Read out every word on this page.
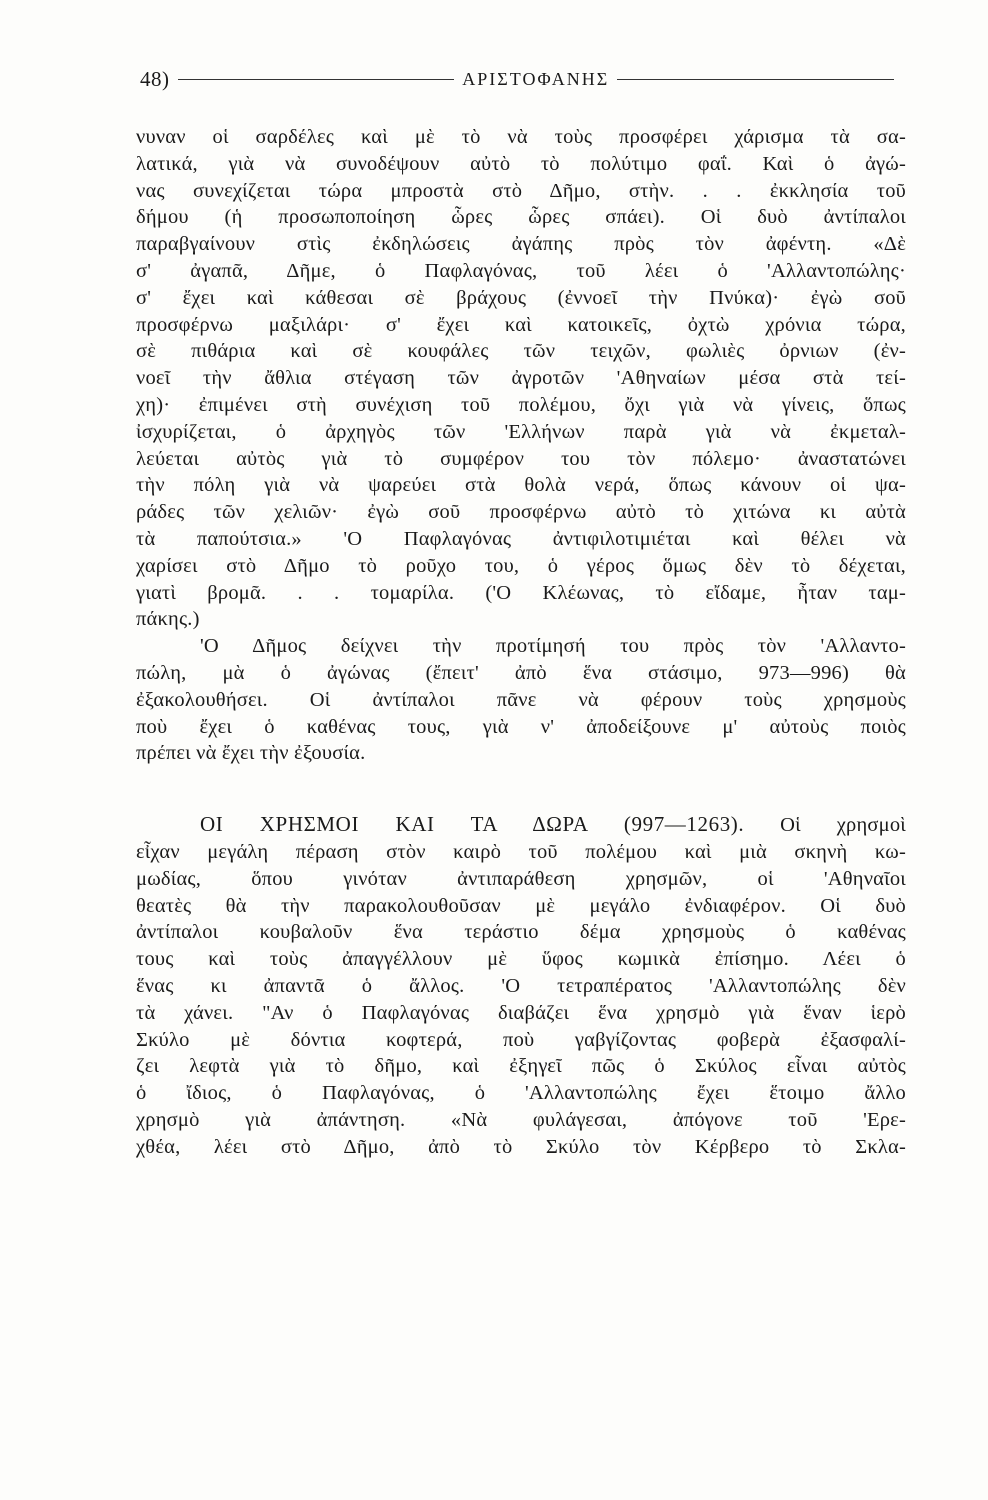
48)	ΑΡΙΣΤΟΦΑΝΗΣ
νυναν οἱ σαρδέλες καὶ μὲ τὸ νὰ τοὺς προσφέρει χάρισμα τὰ σα-
λατικά, γιὰ νὰ συνοδέψουν αὐτὸ τὸ πολύτιμο φαΐ. Καὶ ὁ ἀγώ-
νας συνεχίζεται τώρα μπροστὰ στὸ Δῆμο, στὴν. . . ἐκκλησία τοῦ
δήμου (ἡ προσωποποίηση ὧρες ὧρες σπάει). Οἱ δυὸ ἀντίπαλοι
παραβγαίνουν στὶς ἐκδηλώσεις ἀγάπης πρὸς τὸν ἀφέντη. «Δὲ
σ' ἀγαπᾶ, Δῆμε, ὁ Παφλαγόνας, τοῦ λέει ὁ 'Αλλαντοπώλης·
σ' ἔχει καὶ κάθεσαι σὲ βράχους (ἐννοεῖ τὴν Πνύκα)· ἐγὼ σοῦ
προσφέρνω μαξιλάρι· σ' ἔχει καὶ κατοικεῖς, ὀχτὼ χρόνια τώρα,
σὲ πιθάρια καὶ σὲ κουφάλες τῶν τειχῶν, φωλιὲς ὀρνιων (ἐν-
νοεῖ τὴν ἄθλια στέγαση τῶν ἀγροτῶν 'Αθηναίων μέσα στὰ τεί-
χη)· ἐπιμένει στὴ συνέχιση τοῦ πολέμου, ὄχι γιὰ νὰ γίνεις, ὅπως
ἰσχυρίζεται, ὁ ἀρχηγὸς τῶν 'Ελλήνων παρὰ γιὰ νὰ ἐκμεταλ-
λεύεται αὐτὸς γιὰ τὸ συμφέρον του τὸν πόλεμο· ἀναστατώνει
τὴν πόλη γιὰ νὰ ψαρεύει στὰ θολὰ νερά, ὅπως κάνουν οἱ ψα-
ράδες τῶν χελιῶν· ἐγὼ σοῦ προσφέρνω αὐτὸ τὸ χιτώνα κι αὐτὰ
τὰ παπούτσια.» 'Ο Παφλαγόνας ἀντιφιλοτιμιέται καὶ θέλει νὰ
χαρίσει στὸ Δῆμο τὸ ροῦχο του, ὁ γέρος ὅμως δὲν τὸ δέχεται,
γιατὶ βρομᾶ. . . τομαρίλα. ('Ο Κλέωνας, τὸ εἴδαμε, ἦταν ταμ-
πάκης.)
'Ο Δῆμος δείχνει τὴν προτίμησή του πρὸς τὸν 'Αλλαντο-
πώλη, μὰ ὁ ἀγώνας (ἔπειτ' ἀπὸ ἕνα στάσιμο, 973—996) θὰ
ἐξακολουθήσει. Οἱ ἀντίπαλοι πᾶνε νὰ φέρουν τοὺς χρησμοὺς
ποὺ ἔχει ὁ καθένας τους, γιὰ ν' ἀποδείξουνε μ' αὐτοὺς ποιὸς
πρέπει νὰ ἔχει τὴν ἐξουσία.
ΟΙ ΧΡΗΣΜΟΙ ΚΑΙ ΤΑ ΔΩΡΑ (997—1263). Οἱ χρησμοὶ
εἶχαν μεγάλη πέραση στὸν καιρὸ τοῦ πολέμου καὶ μιὰ σκηνὴ κω-
μωδίας, ὅπου γινόταν ἀντιπαράθεση χρησμῶν, οἱ 'Αθηναῖοι
θεατὲς θὰ τὴν παρακολουθοῦσαν μὲ μεγάλο ἐνδιαφέρον. Οἱ δυὸ
ἀντίπαλοι κουβαλοῦν ἕνα τεράστιο δέμα χρησμοὺς ὁ καθένας
τους καὶ τοὺς ἀπαγγέλλουν μὲ ὕφος κωμικὰ ἐπίσημο. Λέει ὁ
ἕνας κι ἀπαντᾶ ὁ ἄλλος. 'Ο τετραπέρατος 'Αλλαντοπώλης δὲν
τὰ χάνει. "Αν ὁ Παφλαγόνας διαβάζει ἕνα χρησμὸ γιὰ ἕναν ἱερὸ
Σκύλο μὲ δόντια κοφτερά, ποὺ γαβγίζοντας φοβερὰ ἐξασφαλί-
ζει λεφτὰ γιὰ τὸ δῆμο, καὶ ἐξηγεῖ πῶς ὁ Σκύλος εἶναι αὐτὸς
ὁ ἴδιος, ὁ Παφλαγόνας, ὁ 'Αλλαντοπώλης ἔχει ἕτοιμο ἄλλο
χρησμὸ γιὰ ἀπάντηση. «Νὰ φυλάγεσαι, ἀπόγονε τοῦ 'Ερε-
χθέα, λέει στὸ Δῆμο, ἀπὸ τὸ Σκύλο τὸν Κέρβερο τὸ Σκλα-
